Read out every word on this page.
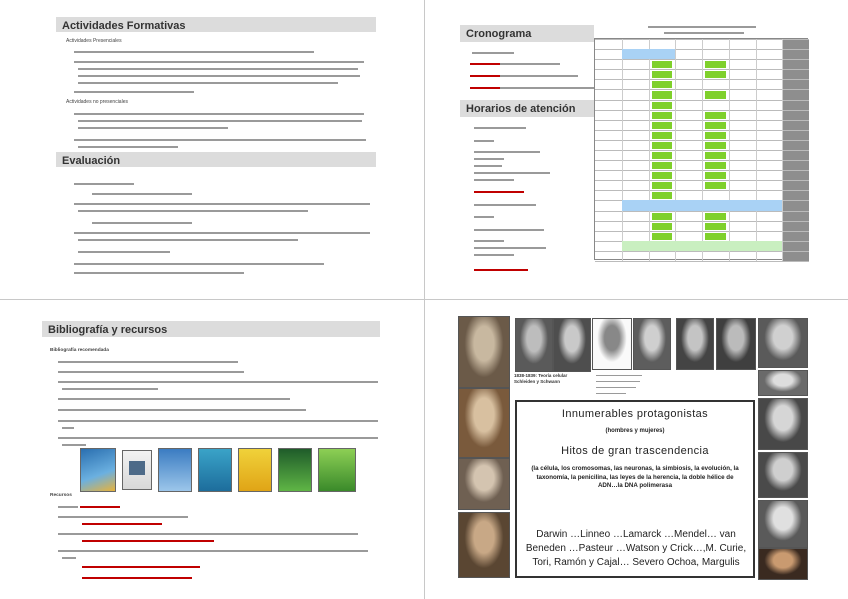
Actividades Formativas
Actividades Presenciales
Actividades no presenciales
Evaluación
Cronograma
Horarios de atención
Bibliografía y recursos
Bibliografía recomendada
Recursos
1838-1839: Teoría celular Schleiden y Schwann
Innumerables protagonistas
(hombres y mujeres)
Hitos de gran trascendencia
(la célula, los cromosomas, las neuronas, la simbiosis, la evolución, la taxonomía, la penicilina, las leyes de la herencia, la doble hélice de ADN…la DNA polimerasa
Darwin …Linneo …Lamarck …Mendel… van Beneden …Pasteur …Watson y Crick…,M. Curie, Tori, Ramón y Cajal… Severo Ochoa, Margulis
